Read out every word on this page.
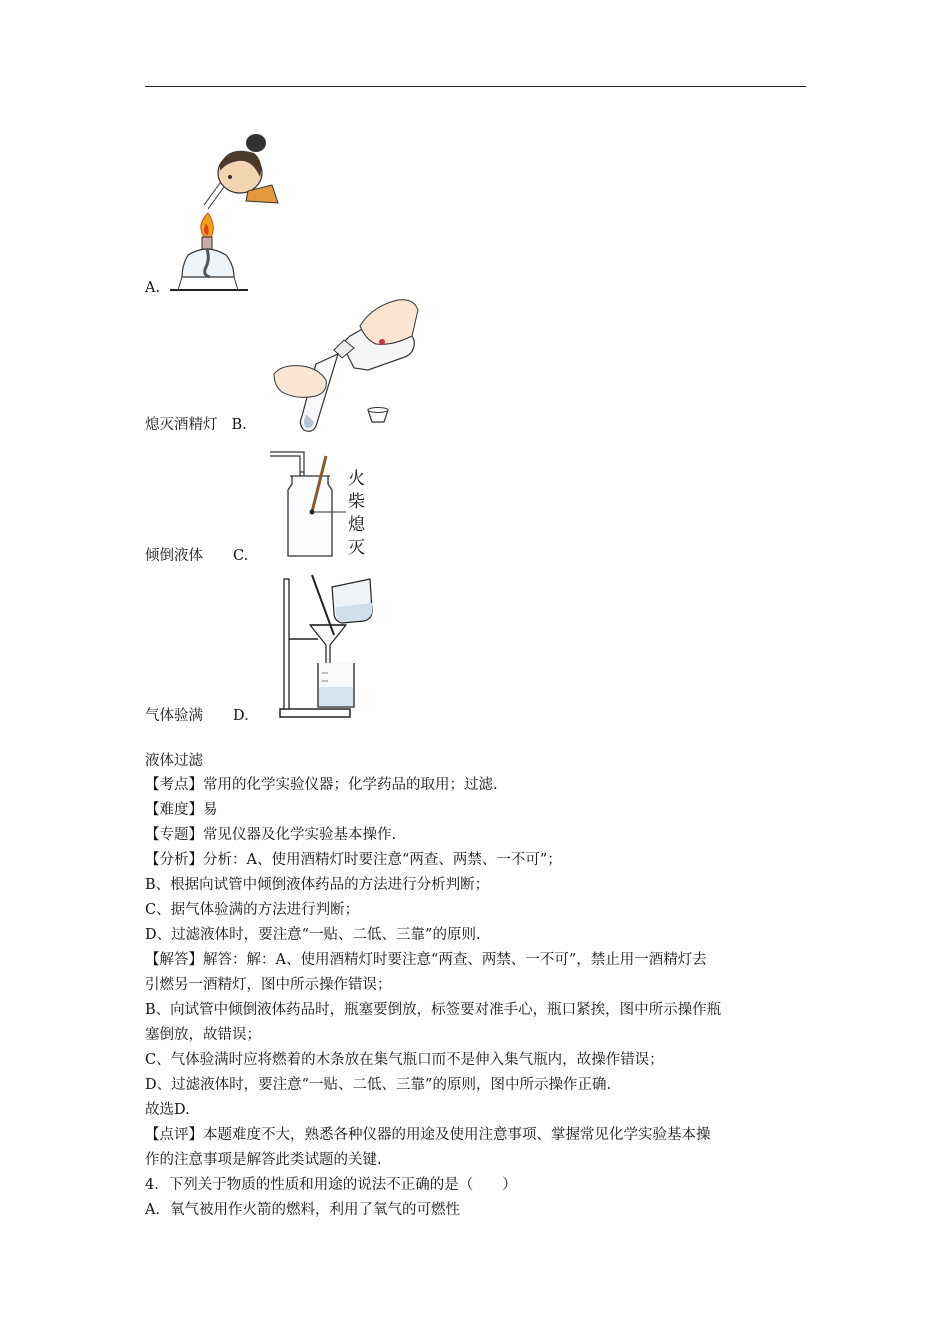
A.
熄灭酒精灯 B.
火
柴
熄
灭
倾倒液体 C.
气体验满 D.
液体过滤
【考点】常用的化学实验仪器；化学药品的取用；过滤.
【难度】易
【专题】常见仪器及化学实验基本操作.
【分析】分析：A、使用酒精灯时要注意“两查、两禁、一不可”；
B、根据向试管中倾倒液体药品的方法进行分析判断；
C、据气体验满的方法进行判断；
D、过滤液体时，要注意“一贴、二低、三靠”的原则.
【解答】解答：解：A、使用酒精灯时要注意“两查、两禁、一不可”，禁止用一酒精灯去
引燃另一酒精灯，图中所示操作错误；
B、向试管中倾倒液体药品时，瓶塞要倒放，标签要对准手心，瓶口紧挨，图中所示操作瓶
塞倒放，故错误；
C、气体验满时应将燃着的木条放在集气瓶口而不是伸入集气瓶内，故操作错误；
D、过滤液体时，要注意“一贴、二低、三靠”的原则，图中所示操作正确.
故选D.
【点评】本题难度不大，熟悉各种仪器的用途及使用注意事项、掌握常见化学实验基本操
作的注意事项是解答此类试题的关键.
4．下列关于物质的性质和用途的说法不正确的是（　　）
A．氧气被用作火箭的燃料，利用了氧气的可燃性
